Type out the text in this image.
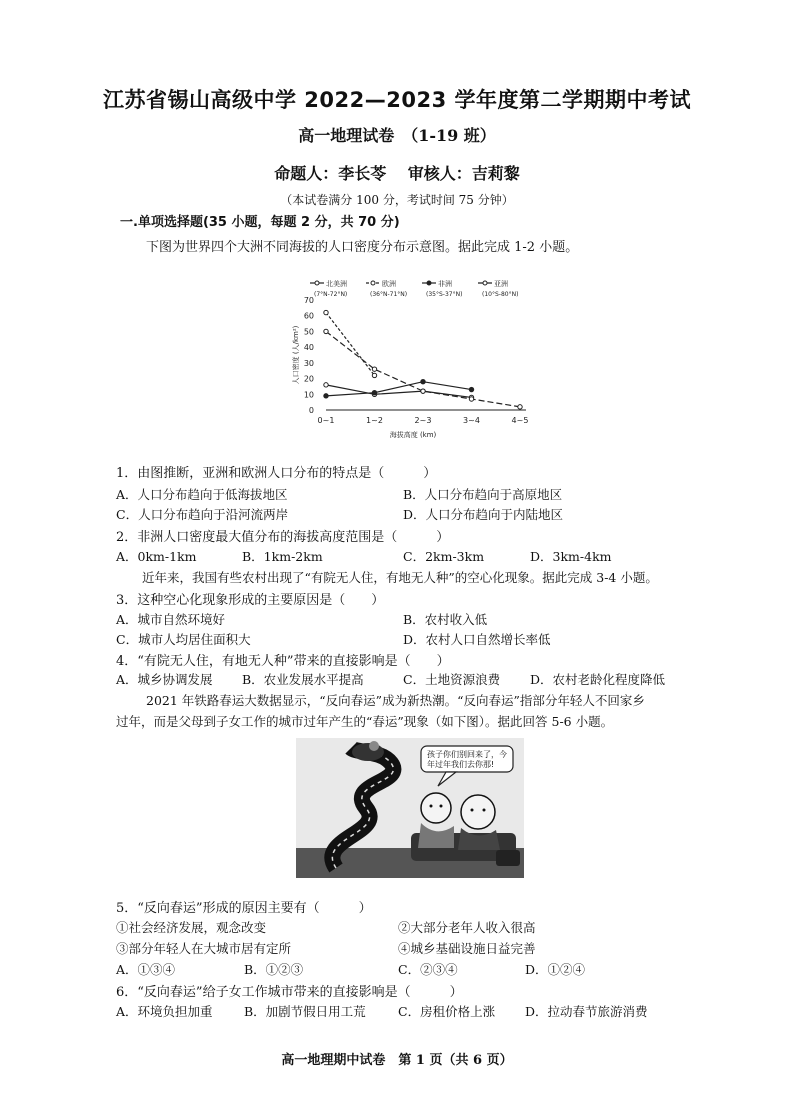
江苏省锡山高级中学 2022—2023 学年度第二学期期中考试
高一地理试卷　（1-19 班）
命题人：李长苓　 审核人：吉莉黎
（本试卷满分 100 分，考试时间 75 分钟）
一.单项选择题(35 小题，每题 2 分，共 70 分)
下图为世界四个大洲不同海拔的人口密度分布示意图。据此完成 1-2 小题。
0
10
20
30
40
50
60
70
0~1	1~2	2~3	3~4	4~5
海拔高度 (km)
人口密度 (人/km²)
北美洲
(7°N-72°N)
欧洲
(36°N-71°N)
非洲
(35°S-37°N)
亚洲
(10°S-80°N)
1．由图推断，亚洲和欧洲人口分布的特点是（　　　）
A．人口分布趋向于低海拔地区	B．人口分布趋向于高原地区
C．人口分布趋向于沿河流两岸	D．人口分布趋向于内陆地区
2．非洲人口密度最大值分布的海拔高度范围是（　　　）
A．0km-1km	B．1km-2km	C．2km-3km	D．3km-4km
近年来，我国有些农村出现了“有院无人住，有地无人种”的空心化现象。据此完成 3-4 小题。
3．这种空心化现象形成的主要原因是（　　）
A．城市自然环境好	B．农村收入低
C．城市人均居住面积大	D．农村人口自然增长率低
4．“有院无人住，有地无人种”带来的直接影响是（　　）
A．城乡协调发展 B．农业发展水平提高	C．土地资源浪费 D．农村老龄化程度降低
2021 年铁路春运大数据显示，“反向春运”成为新热潮。“反向春运”指部分年轻人不回家乡
过年，而是父母到子女工作的城市过年产生的“春运”现象（如下图）。据此回答 5-6 小题。
孩子你们别回来了，今
年过年我们去你那!
5．“反向春运”形成的原因主要有（　　　）
①社会经济发展，观念改变	②大部分老年人收入很高
③部分年轻人在大城市居有定所	④城乡基础设施日益完善
A．①③④	B．①②③	C．②③④	D．①②④
6．“反向春运”给子女工作城市带来的直接影响是（　　　）
A．环境负担加重	B．加剧节假日用工荒	C．房租价格上涨 D．拉动春节旅游消费
高一地理期中试卷　第 1 页（共 6 页）
